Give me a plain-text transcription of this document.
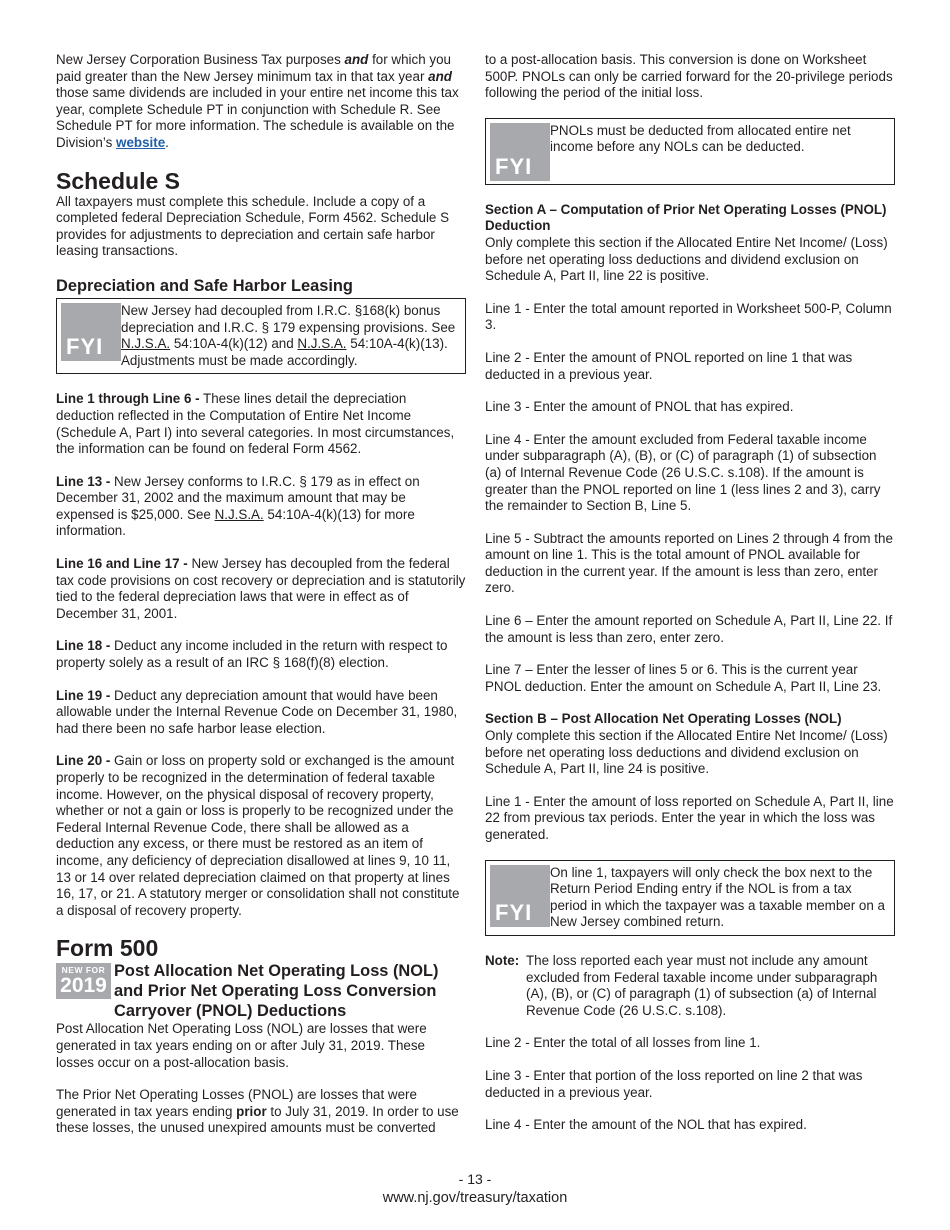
New Jersey Corporation Business Tax purposes and for which you paid greater than the New Jersey minimum tax in that tax year and those same dividends are included in your entire net income this tax year, complete Schedule PT in conjunction with Schedule R. See Schedule PT for more information. The schedule is available on the Division’s website.

Schedule S

All taxpayers must complete this schedule. Include a copy of a completed federal Depreciation Schedule, Form 4562. Schedule S provides for adjustments to depreciation and certain safe harbor leasing transactions.

Depreciation and Safe Harbor Leasing
FYI
New Jersey had decoupled from I.R.C. §168(k) bonus depreciation and I.R.C. § 179 expensing provisions. See N.J.S.A. 54:10A-4(k)(12) and N.J.S.A. 54:10A-4(k)(13). Adjustments must be made accordingly.

Line 1 through Line 6 - These lines detail the depreciation deduction reflected in the Computation of Entire Net Income (Schedule A, Part I) into several categories. In most circumstances, the information can be found on federal Form 4562.

Line 13 - New Jersey conforms to I.R.C. § 179 as in effect on December 31, 2002 and the maximum amount that may be expensed is $25,000. See N.J.S.A. 54:10A-4(k)(13) for more information.

Line 16 and Line 17 - New Jersey has decoupled from the federal tax code provisions on cost recovery or depreciation and is statutorily tied to the federal depreciation laws that were in effect as of December 31, 2001.

Line 18 - Deduct any income included in the return with respect to property solely as a result of an IRC § 168(f)(8) election.

Line 19 - Deduct any depreciation amount that would have been allowable under the Internal Revenue Code on December 31, 1980, had there been no safe harbor lease election.

Line 20 - Gain or loss on property sold or exchanged is the amount properly to be recognized in the determination of federal taxable income. However, on the physical disposal of recovery property, whether or not a gain or loss is properly to be recognized under the Federal Internal Revenue Code, there shall be allowed as a deduction any excess, or there must be restored as an item of income, any deficiency of depreciation disallowed at lines 9, 10 11, 13 or 14 over related depreciation claimed on that property at lines 16, 17, or 21. A statutory merger or consolidation shall not constitute a disposal of recovery property.

Form 500
NEW FOR
2019
Post Allocation Net Operating Loss (NOL) and Prior Net Operating Loss Conversion Carryover (PNOL) Deductions

Post Allocation Net Operating Loss (NOL) are losses that were generated in tax years ending on or after July 31, 2019. These losses occur on a post-allocation basis.

The Prior Net Operating Losses (PNOL) are losses that were generated in tax years ending prior to July 31, 2019. In order to use these losses, the unused unexpired amounts must be converted

to a post-allocation basis. This conversion is done on Worksheet 500P. PNOLs can only be carried forward for the 20-privilege periods following the period of the initial loss.

FYI
PNOLs must be deducted from allocated entire net income before any NOLs can be deducted.
Section A – Computation of Prior Net Operating Losses (PNOL) Deduction

Only complete this section if the Allocated Entire Net Income/ (Loss) before net operating loss deductions and dividend exclusion on Schedule A, Part II, line 22 is positive.

Line 1 - Enter the total amount reported in Worksheet 500-P, Column 3.

Line 2 - Enter the amount of PNOL reported on line 1 that was deducted in a previous year.

Line 3 - Enter the amount of PNOL that has expired.

Line 4 - Enter the amount excluded from Federal taxable income under subparagraph (A), (B), or (C) of paragraph (1) of subsection (a) of Internal Revenue Code (26 U.S.C. s.108). If the amount is greater than the PNOL reported on line 1 (less lines 2 and 3), carry the remainder to Section B, Line 5.

Line 5 - Subtract the amounts reported on Lines 2 through 4 from the amount on line 1. This is the total amount of PNOL available for deduction in the current year. If the amount is less than zero, enter zero.

Line 6 – Enter the amount reported on Schedule A, Part II, Line 22. If the amount is less than zero, enter zero.

Line 7 – Enter the lesser of lines 5 or 6. This is the current year PNOL deduction. Enter the amount on Schedule A, Part II, Line 23.

Section B – Post Allocation Net Operating Losses (NOL)

Only complete this section if the Allocated Entire Net Income/ (Loss) before net operating loss deductions and dividend exclusion on Schedule A, Part II, line 24 is positive.

Line 1 - Enter the amount of loss reported on Schedule A, Part II, line 22 from previous tax periods. Enter the year in which the loss was generated.

FYI
On line 1, taxpayers will only check the box next to the Return Period Ending entry if the NOL is from a tax period in which the taxpayer was a taxable member on a New Jersey combined return.
Note: The loss reported each year must not include any amount excluded from Federal taxable income under subparagraph (A), (B), or (C) of paragraph (1) of subsection (a) of Internal Revenue Code (26 U.S.C. s.108).

Line 2 - Enter the total of all losses from line 1.

Line 3 - Enter that portion of the loss reported on line 2 that was deducted in a previous year.

Line 4 - Enter the amount of the NOL that has expired.

- 13 -
www.nj.gov/treasury/taxation
